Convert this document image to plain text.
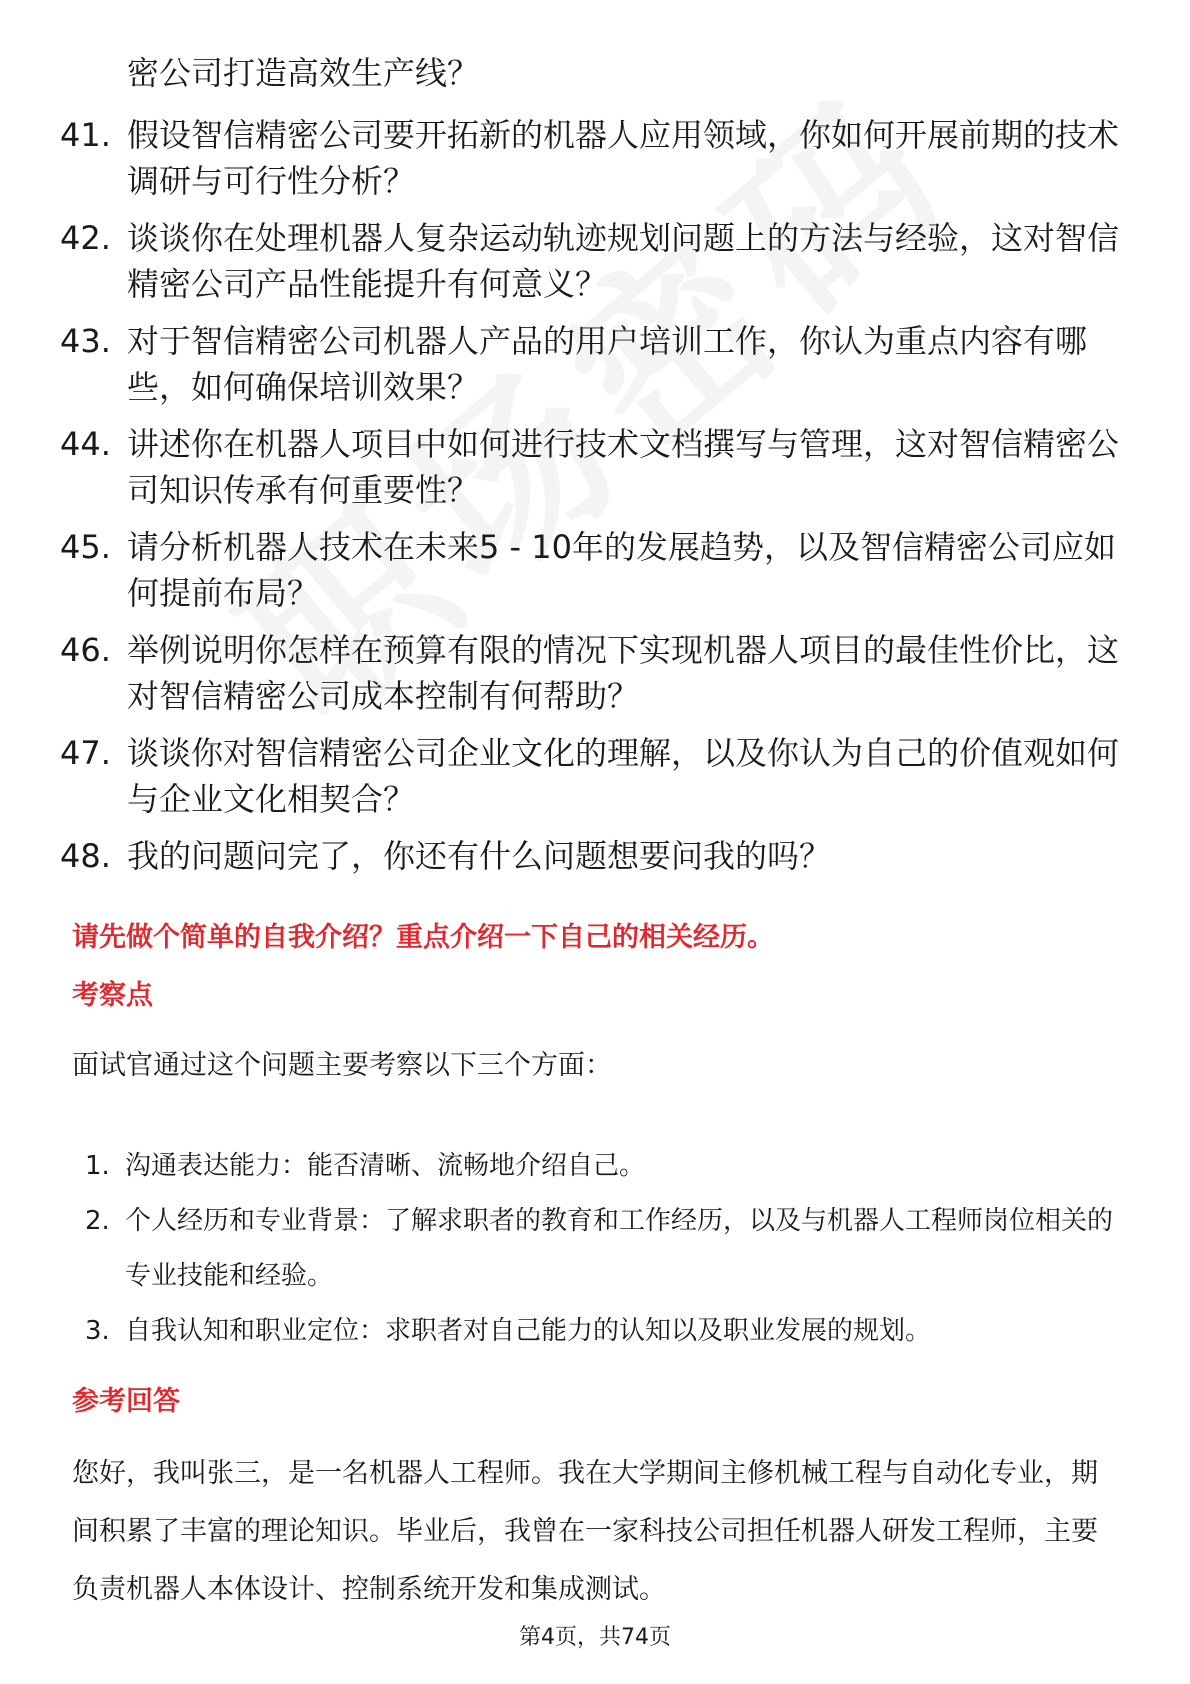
密公司打造高效生产线？

41. 假设智信精密公司要开拓新的机器人应用领域，你如何开展前期的技术调研与可行性分析？
42. 谈谈你在处理机器人复杂运动轨迹规划问题上的方法与经验，这对智信精密公司产品性能提升有何意义？
43. 对于智信精密公司机器人产品的用户培训工作，你认为重点内容有哪些，如何确保培训效果？
44. 讲述你在机器人项目中如何进行技术文档撰写与管理，这对智信精密公司知识传承有何重要性？
45. 请分析机器人技术在未来5 - 10年的发展趋势，以及智信精密公司应如何提前布局？
46. 举例说明你怎样在预算有限的情况下实现机器人项目的最佳性价比，这对智信精密公司成本控制有何帮助？
47. 谈谈你对智信精密公司企业文化的理解，以及你认为自己的价值观如何与企业文化相契合？
48. 我的问题问完了，你还有什么问题想要问我的吗？
请先做个简单的自我介绍？重点介绍一下自己的相关经历。
考察点

面试官通过这个问题主要考察以下三个方面：

1. 沟通表达能力：能否清晰、流畅地介绍自己。
2. 个人经历和专业背景：了解求职者的教育和工作经历，以及与机器人工程师岗位相关的专业技能和经验。
3. 自我认知和职业定位：求职者对自己能力的认知以及职业发展的规划。
参考回答

您好，我叫张三，是一名机器人工程师。我在大学期间主修机械工程与自动化专业，期间积累了丰富的理论知识。毕业后，我曾在一家科技公司担任机器人研发工程师，主要负责机器人本体设计、控制系统开发和集成测试。

第4页，共74页
